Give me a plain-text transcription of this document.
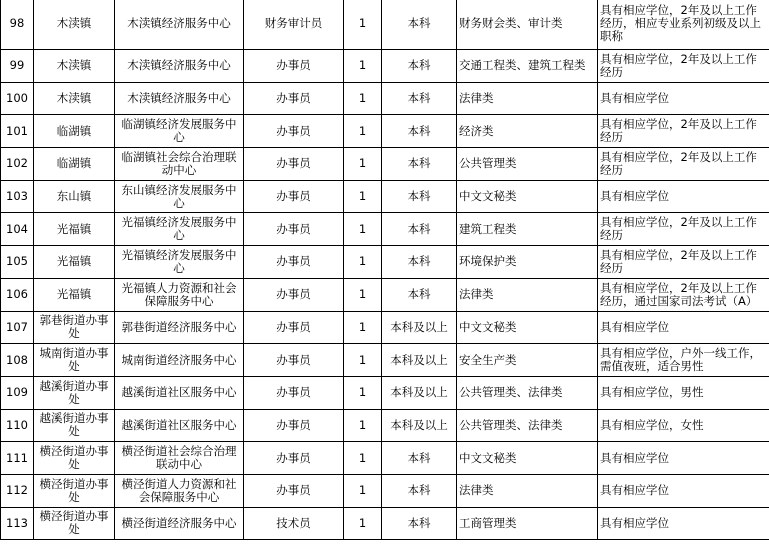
98	木渎镇	木渎镇经济服务中心	财务审计员	1	本科	财务财会类、审计类	具有相应学位，2年及以上工作经历，相应专业系列初级及以上职称
99	木渎镇	木渎镇经济服务中心	办事员	1	本科	交通工程类、建筑工程类	具有相应学位，2年及以上工作经历
100	木渎镇	木渎镇经济服务中心	办事员	1	本科	法律类	具有相应学位
101	临湖镇	临湖镇经济发展服务中心	办事员	1	本科	经济类	具有相应学位，2年及以上工作经历
102	临湖镇	临湖镇社会综合治理联动中心	办事员	1	本科	公共管理类	具有相应学位，2年及以上工作经历
103	东山镇	东山镇经济发展服务中心	办事员	1	本科	中文文秘类	具有相应学位
104	光福镇	光福镇经济发展服务中心	办事员	1	本科	建筑工程类	具有相应学位，2年及以上工作经历
105	光福镇	光福镇经济发展服务中心	办事员	1	本科	环境保护类	具有相应学位，2年及以上工作经历
106	光福镇	光福镇人力资源和社会保障服务中心	办事员	1	本科	法律类	具有相应学位，2年及以上工作经历，通过国家司法考试（A）
107	郭巷街道办事处	郭巷街道经济服务中心	办事员	1	本科及以上	中文文秘类	具有相应学位
108	城南街道办事处	城南街道经济服务中心	办事员	1	本科及以上	安全生产类	具有相应学位，户外一线工作，需值夜班，适合男性
109	越溪街道办事处	越溪街道社区服务中心	办事员	1	本科及以上	公共管理类、法律类	具有相应学位，男性
110	越溪街道办事处	越溪街道社区服务中心	办事员	1	本科及以上	公共管理类、法律类	具有相应学位，女性
111	横泾街道办事处	横泾街道社会综合治理联动中心	办事员	1	本科	中文文秘类	具有相应学位
112	横泾街道办事处	横泾街道人力资源和社会保障服务中心	办事员	1	本科	法律类	具有相应学位
113	横泾街道办事处	横泾街道经济服务中心	技术员	1	本科	工商管理类	具有相应学位
